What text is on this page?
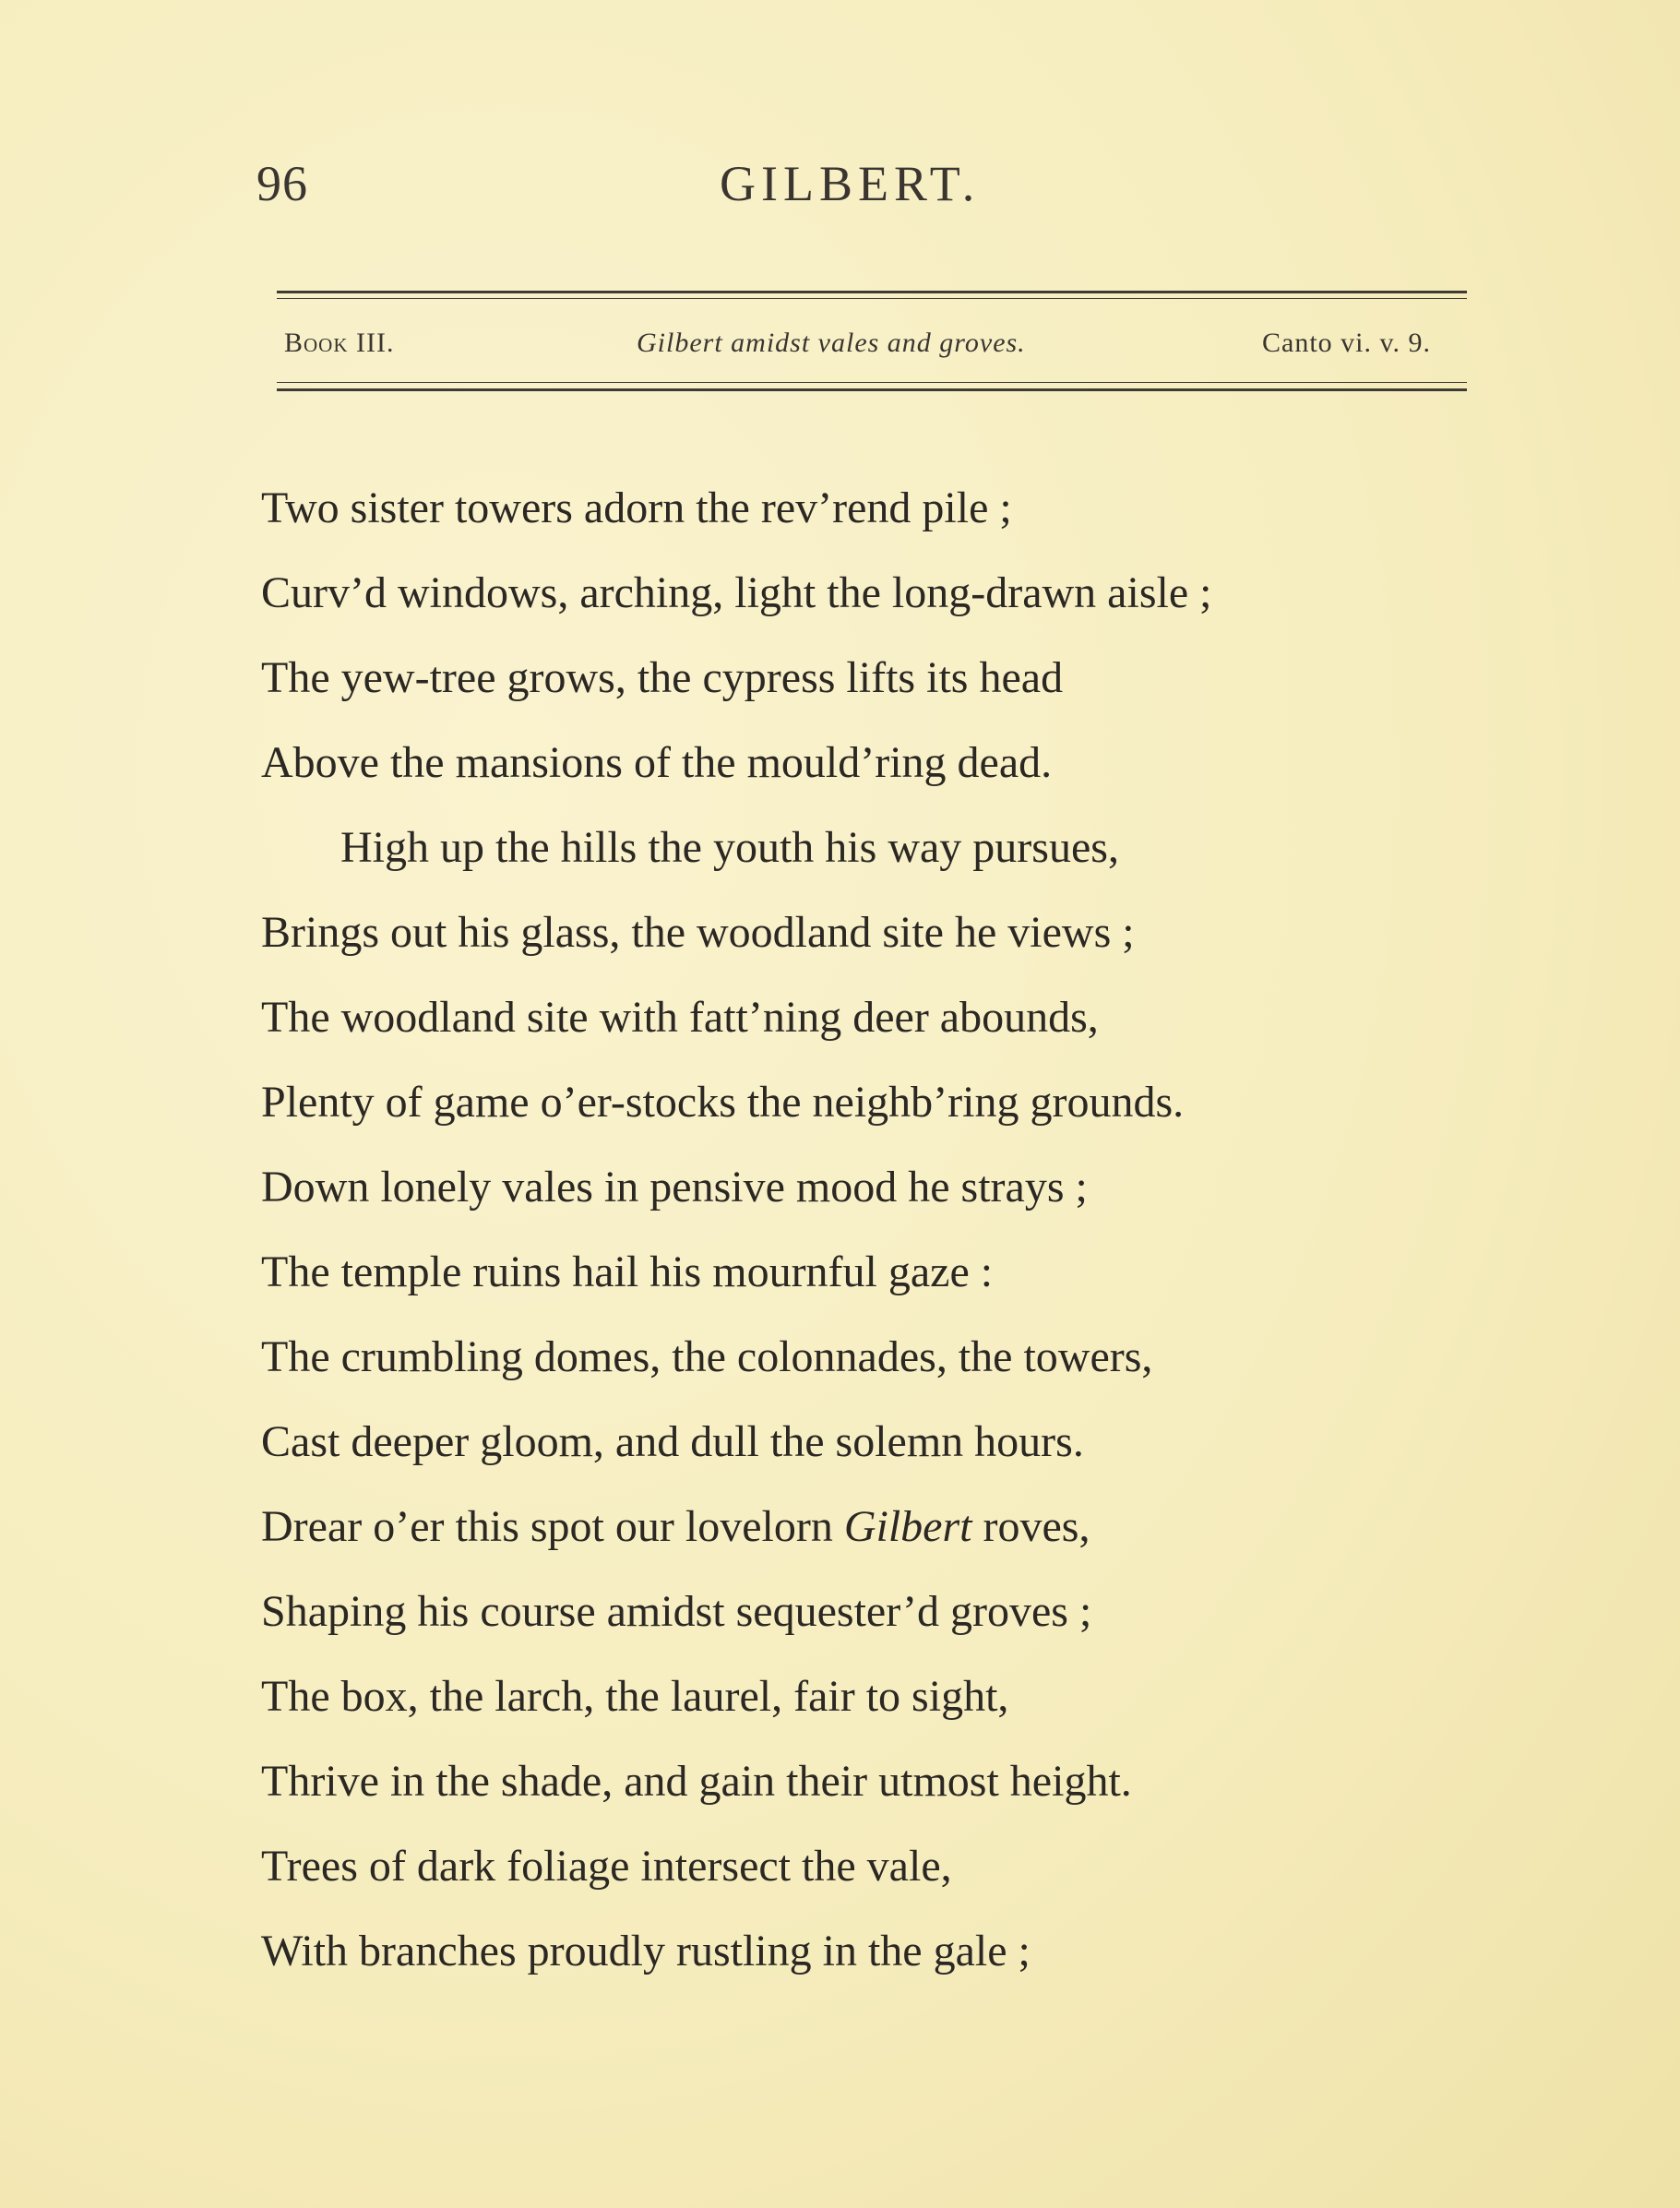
96	GILBERT.
Book III.	Gilbert amidst vales and groves.	Canto vi. v. 9.
Two sister towers adorn the rev’rend pile ;
Curv’d windows, arching, light the long-drawn aisle ;
The yew-tree grows, the cypress lifts its head
Above the mansions of the mould’ring dead.
High up the hills the youth his way pursues,
Brings out his glass, the woodland site he views ;
The woodland site with fatt’ning deer abounds,
Plenty of game o’er-stocks the neighb’ring grounds.
Down lonely vales in pensive mood he strays ;
The temple ruins hail his mournful gaze :
The crumbling domes, the colonnades, the towers,
Cast deeper gloom, and dull the solemn hours.
Drear o’er this spot our lovelorn Gilbert roves,
Shaping his course amidst sequester’d groves ;
The box, the larch, the laurel, fair to sight,
Thrive in the shade, and gain their utmost height.
Trees of dark foliage intersect the vale,
With branches proudly rustling in the gale ;
